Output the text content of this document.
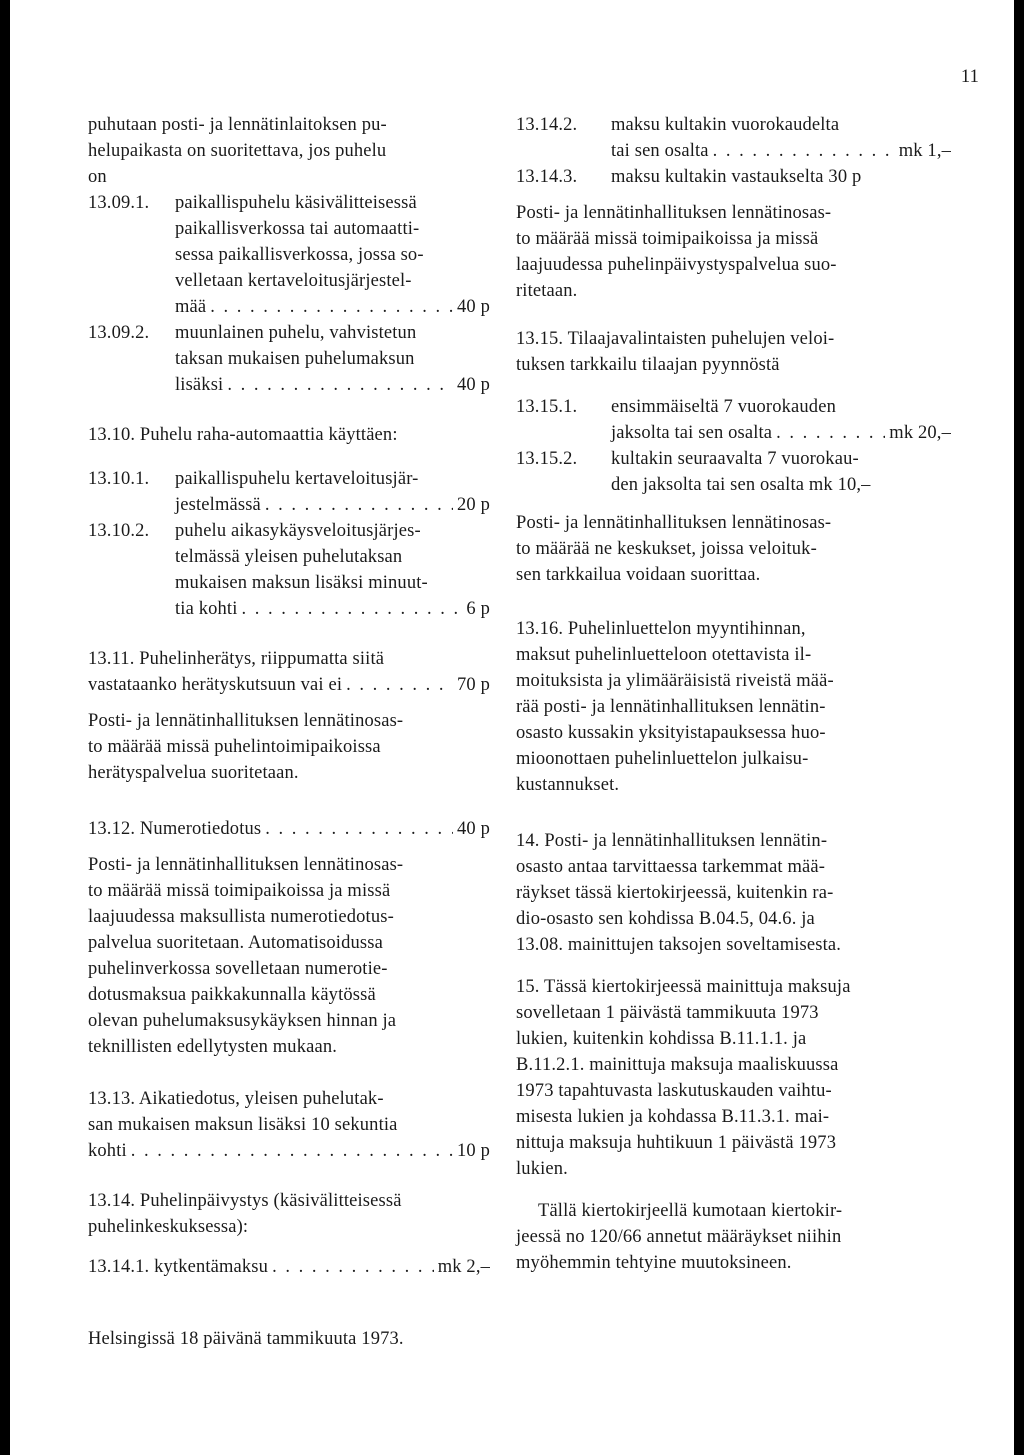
11
puhutaan posti- ja lennätinlaitoksen pu-
helupaikasta on suoritettava, jos puhelu
on
13.09.1. paikallispuhelu käsivälitteisessä
paikallisverkossa tai automaatti-
sessa paikallisverkossa, jossa so-
velletaan kertaveloitusjärjestel-
mää . . .	40 p
13.09.2. muunlainen puhelu, vahvistetun
taksan mukaisen puhelumaksun
lisäksi . . .	40 p
13.10. Puhelu raha-automaattia käyttäen:
13.10.1. paikallispuhelu kertaveloitusjär-
jestelmässä . . .	20 p
13.10.2. puhelu aikasykäysveloitusjärjes-
telmässä yleisen puhelutaksan
mukaisen maksun lisäksi minuut-
tia kohti . . .	6 p
13.11. Puhelinherätys, riippumatta siitä
vastataanko herätyskutsuun vai ei . . .	70 p
Posti- ja lennätinhallituksen lennätinosas-
to määrää missä puhelintoimipaikoissa
herätyspalvelua suoritetaan.
13.12. Numerotiedotus . . .	40 p
Posti- ja lennätinhallituksen lennätinosas-
to määrää missä toimipaikoissa ja missä
laajuudessa maksullista numerotiedotus-
palvelua suoritetaan. Automatisoidussa
puhelinverkossa sovelletaan numerotie-
dotusmaksua paikkakunnalla käytössä
olevan puhelumaksusykäyksen hinnan ja
teknillisten edellytysten mukaan.
13.13. Aikatiedotus, yleisen puhelutak-
san mukaisen maksun lisäksi 10 sekuntia
kohti . . .	10 p
13.14. Puhelinpäivystys (käsivälitteisessä
puhelinkeskuksessa):
13.14.1. kytkentämaksu . . .	mk 2,–
13.14.2. maksu kultakin vuorokaudelta
tai sen osalta . . .	mk 1,–
13.14.3. maksu kultakin vastaukselta 30 p
Posti- ja lennätinhallituksen lennätinosas-
to määrää missä toimipaikoissa ja missä
laajuudessa puhelinpäivystyspalvelua suo-
ritetaan.
13.15. Tilaajavalintaisten puhelujen veloi-
tuksen tarkkailu tilaajan pyynnöstä
13.15.1. ensimmäiseltä 7 vuorokauden
jaksolta tai sen osalta . . .	mk 20,–
13.15.2. kultakin seuraavalta 7 vuorokau-
den jaksolta tai sen osalta mk 10,–
Posti- ja lennätinhallituksen lennätinosas-
to määrää ne keskukset, joissa veloituk-
sen tarkkailua voidaan suorittaa.
13.16. Puhelinluettelon myyntihinnan,
maksut puhelinluetteloon otettavista il-
moituksista ja ylimääräisistä riveistä mää-
rää posti- ja lennätinhallituksen lennätin-
osasto kussakin yksityistapauksessa huo-
mioonottaen puhelinluettelon julkaisu-
kustannukset.
14. Posti- ja lennätinhallituksen lennätin-
osasto antaa tarvittaessa tarkemmat mää-
räykset tässä kiertokirjeessä, kuitenkin ra-
dio-osasto sen kohdissa B.04.5, 04.6. ja
13.08. mainittujen taksojen soveltamisesta.
15. Tässä kiertokirjeessä mainittuja maksuja
sovelletaan 1 päivästä tammikuuta 1973
lukien, kuitenkin kohdissa B.11.1.1. ja
B.11.2.1. mainittuja maksuja maaliskuussa
1973 tapahtuvasta laskutuskauden vaihtu-
misesta lukien ja kohdassa B.11.3.1. mai-
nittuja maksuja huhtikuun 1 päivästä 1973
lukien.
Tällä kiertokirjeellä kumotaan kiertokir-
jeessä no 120/66 annetut määräykset niihin
myöhemmin tehtyine muutoksineen.
Helsingissä 18 päivänä tammikuuta 1973.
